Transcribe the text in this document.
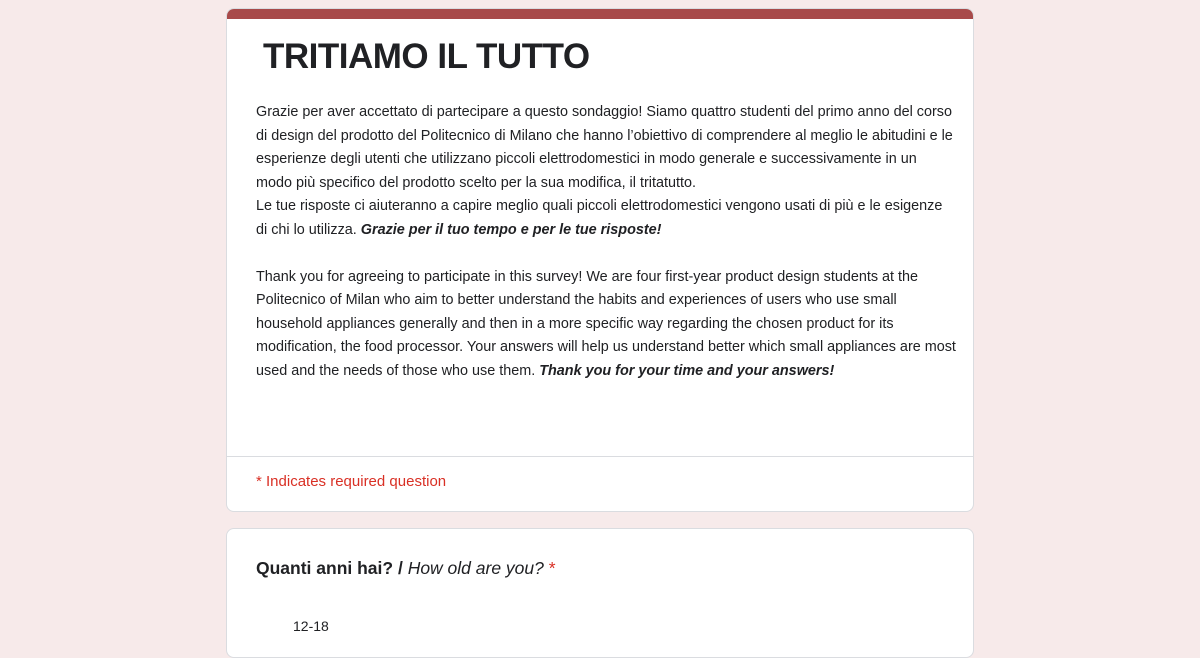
TRITIAMO IL TUTTO
Grazie per aver accettato di partecipare a questo sondaggio! Siamo quattro studenti del primo anno del corso di design del prodotto del Politecnico di Milano che hanno l’obiettivo di comprendere al meglio le abitudini e le esperienze degli utenti che utilizzano piccoli elettrodomestici in modo generale e successivamente in un modo più specifico del prodotto scelto per la sua modifica, il tritatutto.
Le tue risposte ci aiuteranno a capire meglio quali piccoli elettrodomestici vengono usati di più e le esigenze di chi lo utilizza. Grazie per il tuo tempo e per le tue risposte!

Thank you for agreeing to participate in this survey! We are four first-year product design students at the Politecnico of Milan who aim to better understand the habits and experiences of users who use small household appliances generally and then in a more specific way regarding the chosen product for its modification, the food processor. Your answers will help us understand better which small appliances are most used and the needs of those who use them. Thank you for your time and your answers!
* Indicates required question
Quanti anni hai? / How old are you? *
12-18
